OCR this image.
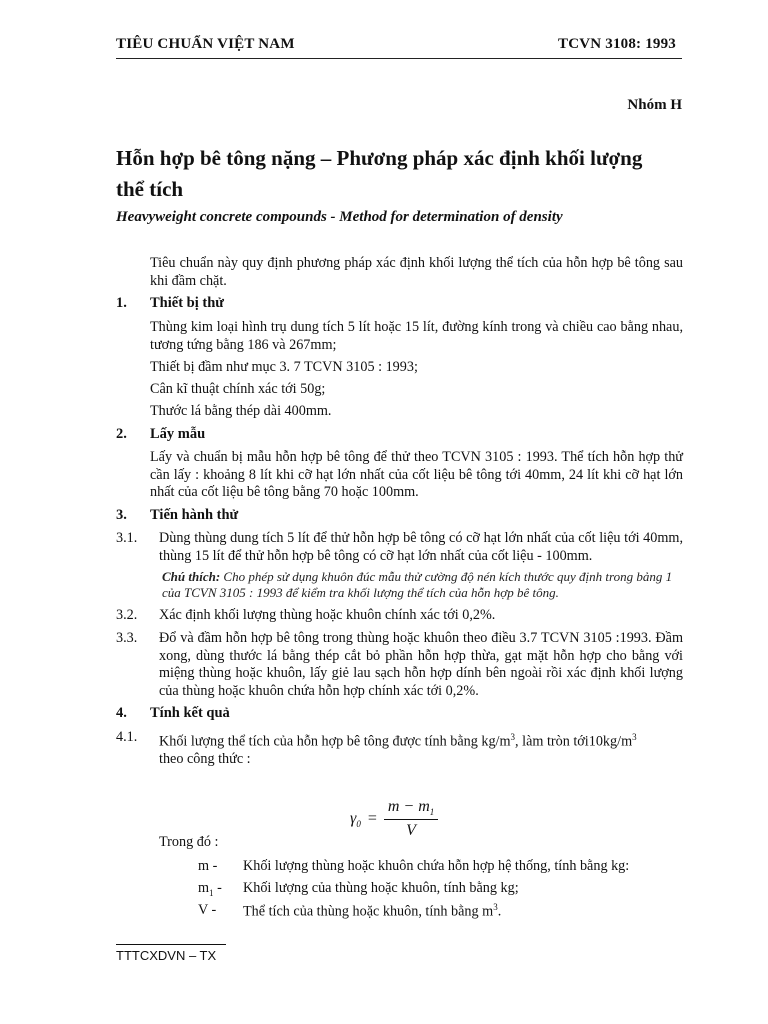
TIÊU CHUẨN VIỆT NAM	TCVN 3108: 1993
Nhóm H
Hỗn hợp bê tông nặng – Phương pháp xác định khối lượng thể tích
Heavyweight concrete compounds - Method for determination of density
Tiêu chuẩn này quy định phương pháp xác định khối lượng thể tích của hỗn hợp bê tông sau khi đầm chặt.
1. Thiết bị thử
Thùng kim loại hình trụ dung tích 5 lít hoặc 15 lít, đường kính trong và chiều cao bằng nhau, tương tứng bằng 186 và 267mm;
Thiết bị đầm như mục 3. 7 TCVN 3105 : 1993;
Cân kĩ thuật chính xác tới 50g;
Thước lá bằng thép dài 400mm.
2. Lấy mẫu
Lấy và chuẩn bị mẫu hỗn hợp bê tông để thử theo TCVN 3105 : 1993. Thể tích hỗn hợp thử cần lấy : khoảng 8 lít khi cỡ hạt lớn nhất của cốt liệu bê tông tới 40mm, 24 lít khi cỡ hạt lớn nhất của cốt liệu bê tông bằng 70 hoặc 100mm.
3. Tiến hành thử
3.1. Dùng thùng dung tích 5 lít để thử hỗn hợp bê tông có cỡ hạt lớn nhất của cốt liệu tới 40mm, thùng 15 lít để thử hỗn hợp bê tông có cỡ hạt lớn nhất của cốt liệu - 100mm.
Chú thích: Cho phép sử dụng khuôn đúc mẫu thử cường độ nén kích thước quy định trong bảng 1 của TCVN 3105 : 1993 để kiểm tra khối lượng thể tích của hỗn hợp bê tông.
3.2. Xác định khối lượng thùng hoặc khuôn chính xác tới 0,2%.
3.3. Đổ và đầm hỗn hợp bê tông trong thùng hoặc khuôn theo điều 3.7 TCVN 3105 :1993. Đầm xong, dùng thước lá bằng thép cắt bỏ phần hỗn hợp thừa, gạt mặt hỗn hợp cho bằng với miệng thùng hoặc khuôn, lấy giẻ lau sạch hỗn hợp dính bên ngoài rồi xác định khối lượng của thùng hoặc khuôn chứa hỗn hợp chính xác tới 0,2%.
4. Tính kết quả
4.1. Khối lượng thể tích của hỗn hợp bê tông được tính bằng $kg/m^3$, làm tròn $tới10kg/m^3$
theo công thức :
$\gamma_0 = \frac{m - m_1}{V}$
Trong đó :
m - Khối lượng thùng hoặc khuôn chứa hỗn hợp hệ thống, tính bằng kg:
$m_1$ - Khối lượng của thùng hoặc khuôn, tính bằng kg;
V - Thể tích của thùng hoặc khuôn, tính bằng $m^3$.
TTTCXDVN – TX
